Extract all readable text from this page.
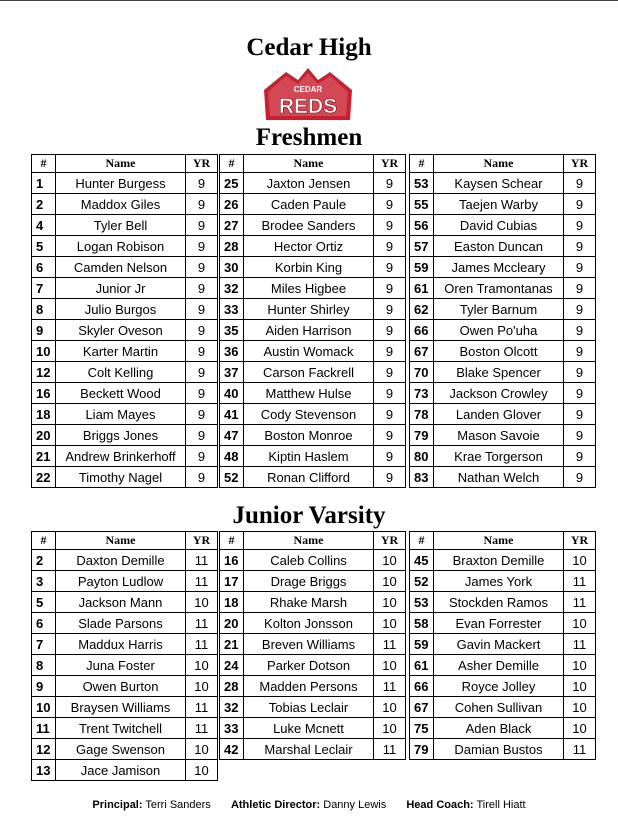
Cedar High
CEDAR
REDS
Freshmen
#	Name	YR
1	Hunter Burgess	9
2	Maddox Giles	9
4	Tyler Bell	9
5	Logan Robison	9
6	Camden Nelson	9
7	Junior Jr	9
8	Julio Burgos	9
9	Skyler Oveson	9
10	Karter Martin	9
12	Colt Kelling	9
16	Beckett Wood	9
18	Liam Mayes	9
20	Briggs Jones	9
21	Andrew Brinkerhoff	9
22	Timothy Nagel	9
#	Name	YR
25	Jaxton Jensen	9
26	Caden Paule	9
27	Brodee Sanders	9
28	Hector Ortiz	9
30	Korbin King	9
32	Miles Higbee	9
33	Hunter Shirley	9
35	Aiden Harrison	9
36	Austin Womack	9
37	Carson Fackrell	9
40	Matthew Hulse	9
41	Cody Stevenson	9
47	Boston Monroe	9
48	Kiptin Haslem	9
52	Ronan Clifford	9
#	Name	YR
53	Kaysen Schear	9
55	Taejen Warby	9
56	David Cubias	9
57	Easton Duncan	9
59	James Mccleary	9
61	Oren Tramontanas	9
62	Tyler Barnum	9
66	Owen Po'uha	9
67	Boston Olcott	9
70	Blake Spencer	9
73	Jackson Crowley	9
78	Landen Glover	9
79	Mason Savoie	9
80	Krae Torgerson	9
83	Nathan Welch	9
Junior Varsity
#	Name	YR
2	Daxton Demille	11
3	Payton Ludlow	11
5	Jackson Mann	10
6	Slade Parsons	11
7	Maddux Harris	11
8	Juna Foster	10
9	Owen Burton	10
10	Braysen Williams	11
11	Trent Twitchell	11
12	Gage Swenson	10
13	Jace Jamison	10
#	Name	YR
16	Caleb Collins	10
17	Drage Briggs	10
18	Rhake Marsh	10
20	Kolton Jonsson	10
21	Breven Williams	11
24	Parker Dotson	10
28	Madden Persons	11
32	Tobias Leclair	10
33	Luke Mcnett	10
42	Marshal Leclair	11
#	Name	YR
45	Braxton Demille	10
52	James York	11
53	Stockden Ramos	11
58	Evan Forrester	10
59	Gavin Mackert	11
61	Asher Demille	10
66	Royce Jolley	10
67	Cohen Sullivan	10
75	Aden Black	10
79	Damian Bustos	11
Principal: Terri Sanders Athletic Director: Danny Lewis Head Coach: Tirell Hiatt
